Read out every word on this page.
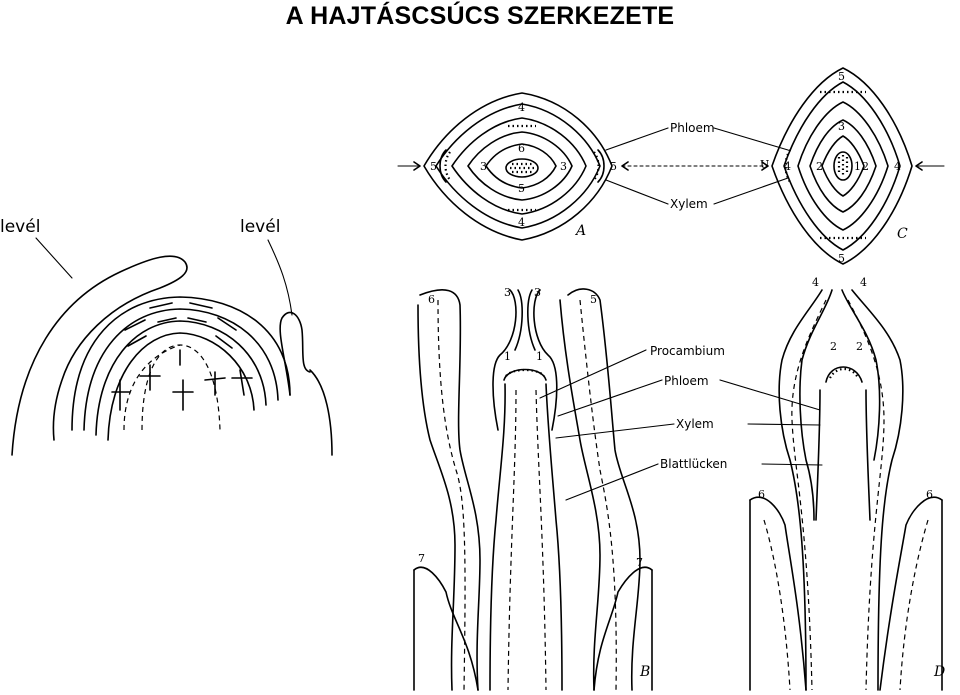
A HAJTÁSCSÚCS SZERKEZETE
levél	levél
4
6
3	3
5	5
4
5
A
5
3
2	2
4	4
5
1
C
Phloem
Xylem
U
6
3 3
5
1 1
7	7
B
Procambium
Phloem
Xylem
Blattlücken
4	4
2 2
6	6
D
